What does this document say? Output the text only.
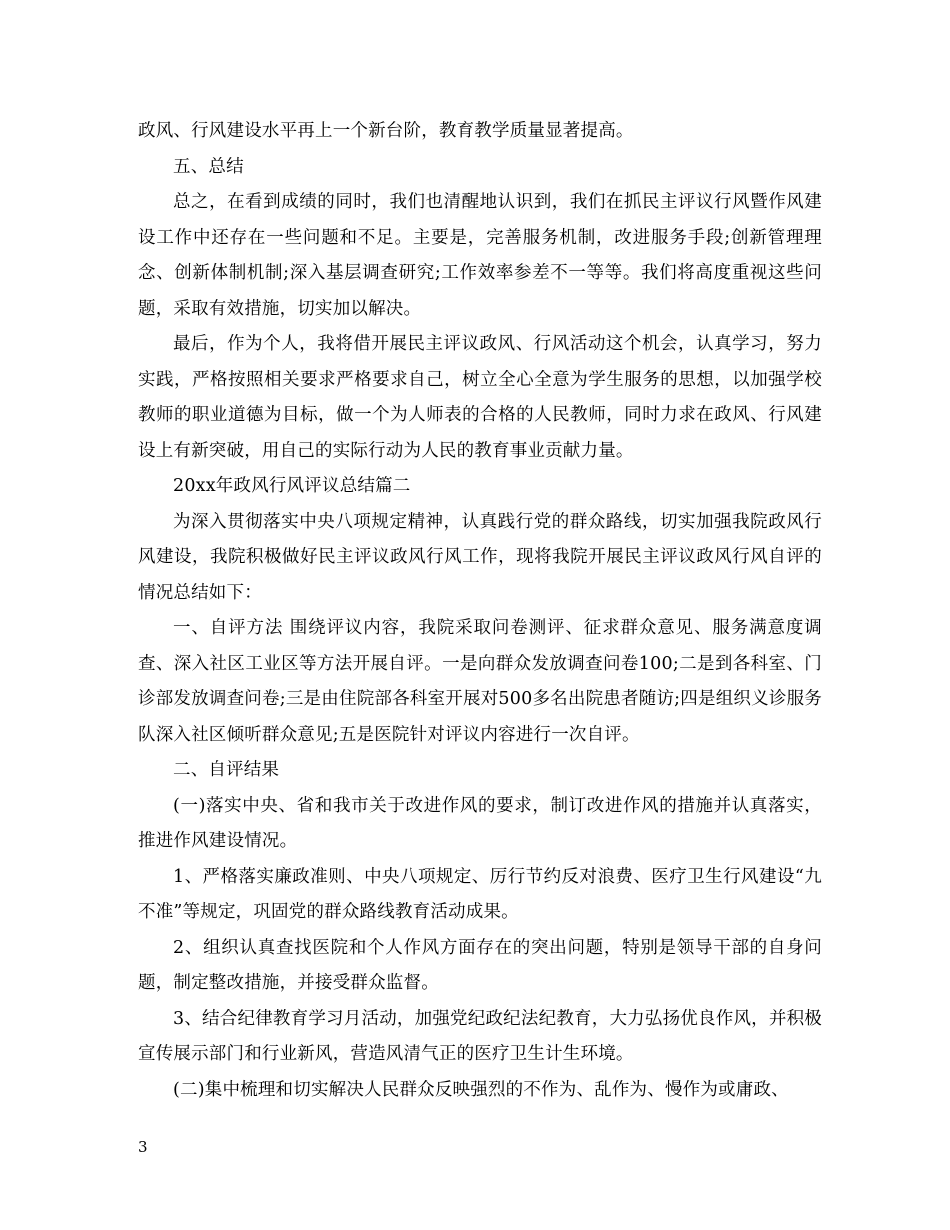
政风、行风建设水平再上一个新台阶，教育教学质量显著提高。

五、总结

总之，在看到成绩的同时，我们也清醒地认识到，我们在抓民主评议行风暨作风建设工作中还存在一些问题和不足。主要是，完善服务机制，改进服务手段;创新管理理念、创新体制机制;深入基层调查研究;工作效率参差不一等等。我们将高度重视这些问题，采取有效措施，切实加以解决。

最后，作为个人，我将借开展民主评议政风、行风活动这个机会，认真学习，努力实践，严格按照相关要求严格要求自己，树立全心全意为学生服务的思想，以加强学校教师的职业道德为目标，做一个为人师表的合格的人民教师，同时力求在政风、行风建设上有新突破，用自己的实际行动为人民的教育事业贡献力量。

20xx年政风行风评议总结篇二

为深入贯彻落实中央八项规定精神，认真践行党的群众路线，切实加强我院政风行风建设，我院积极做好民主评议政风行风工作，现将我院开展民主评议政风行风自评的情况总结如下：

一、自评方法 围绕评议内容，我院采取问卷测评、征求群众意见、服务满意度调查、深入社区工业区等方法开展自评。一是向群众发放调查问卷100;二是到各科室、门诊部发放调查问卷;三是由住院部各科室开展对500多名出院患者随访;四是组织义诊服务队深入社区倾听群众意见;五是医院针对评议内容进行一次自评。

二、自评结果

(一)落实中央、省和我市关于改进作风的要求，制订改进作风的措施并认真落实，推进作风建设情况。

1、严格落实廉政准则、中央八项规定、厉行节约反对浪费、医疗卫生行风建设“九不准”等规定，巩固党的群众路线教育活动成果。

2、组织认真查找医院和个人作风方面存在的突出问题，特别是领导干部的自身问题，制定整改措施，并接受群众监督。

3、结合纪律教育学习月活动，加强党纪政纪法纪教育，大力弘扬优良作风，并积极宣传展示部门和行业新风，营造风清气正的医疗卫生计生环境。

(二)集中梳理和切实解决人民群众反映强烈的不作为、乱作为、慢作为或庸政、

3
